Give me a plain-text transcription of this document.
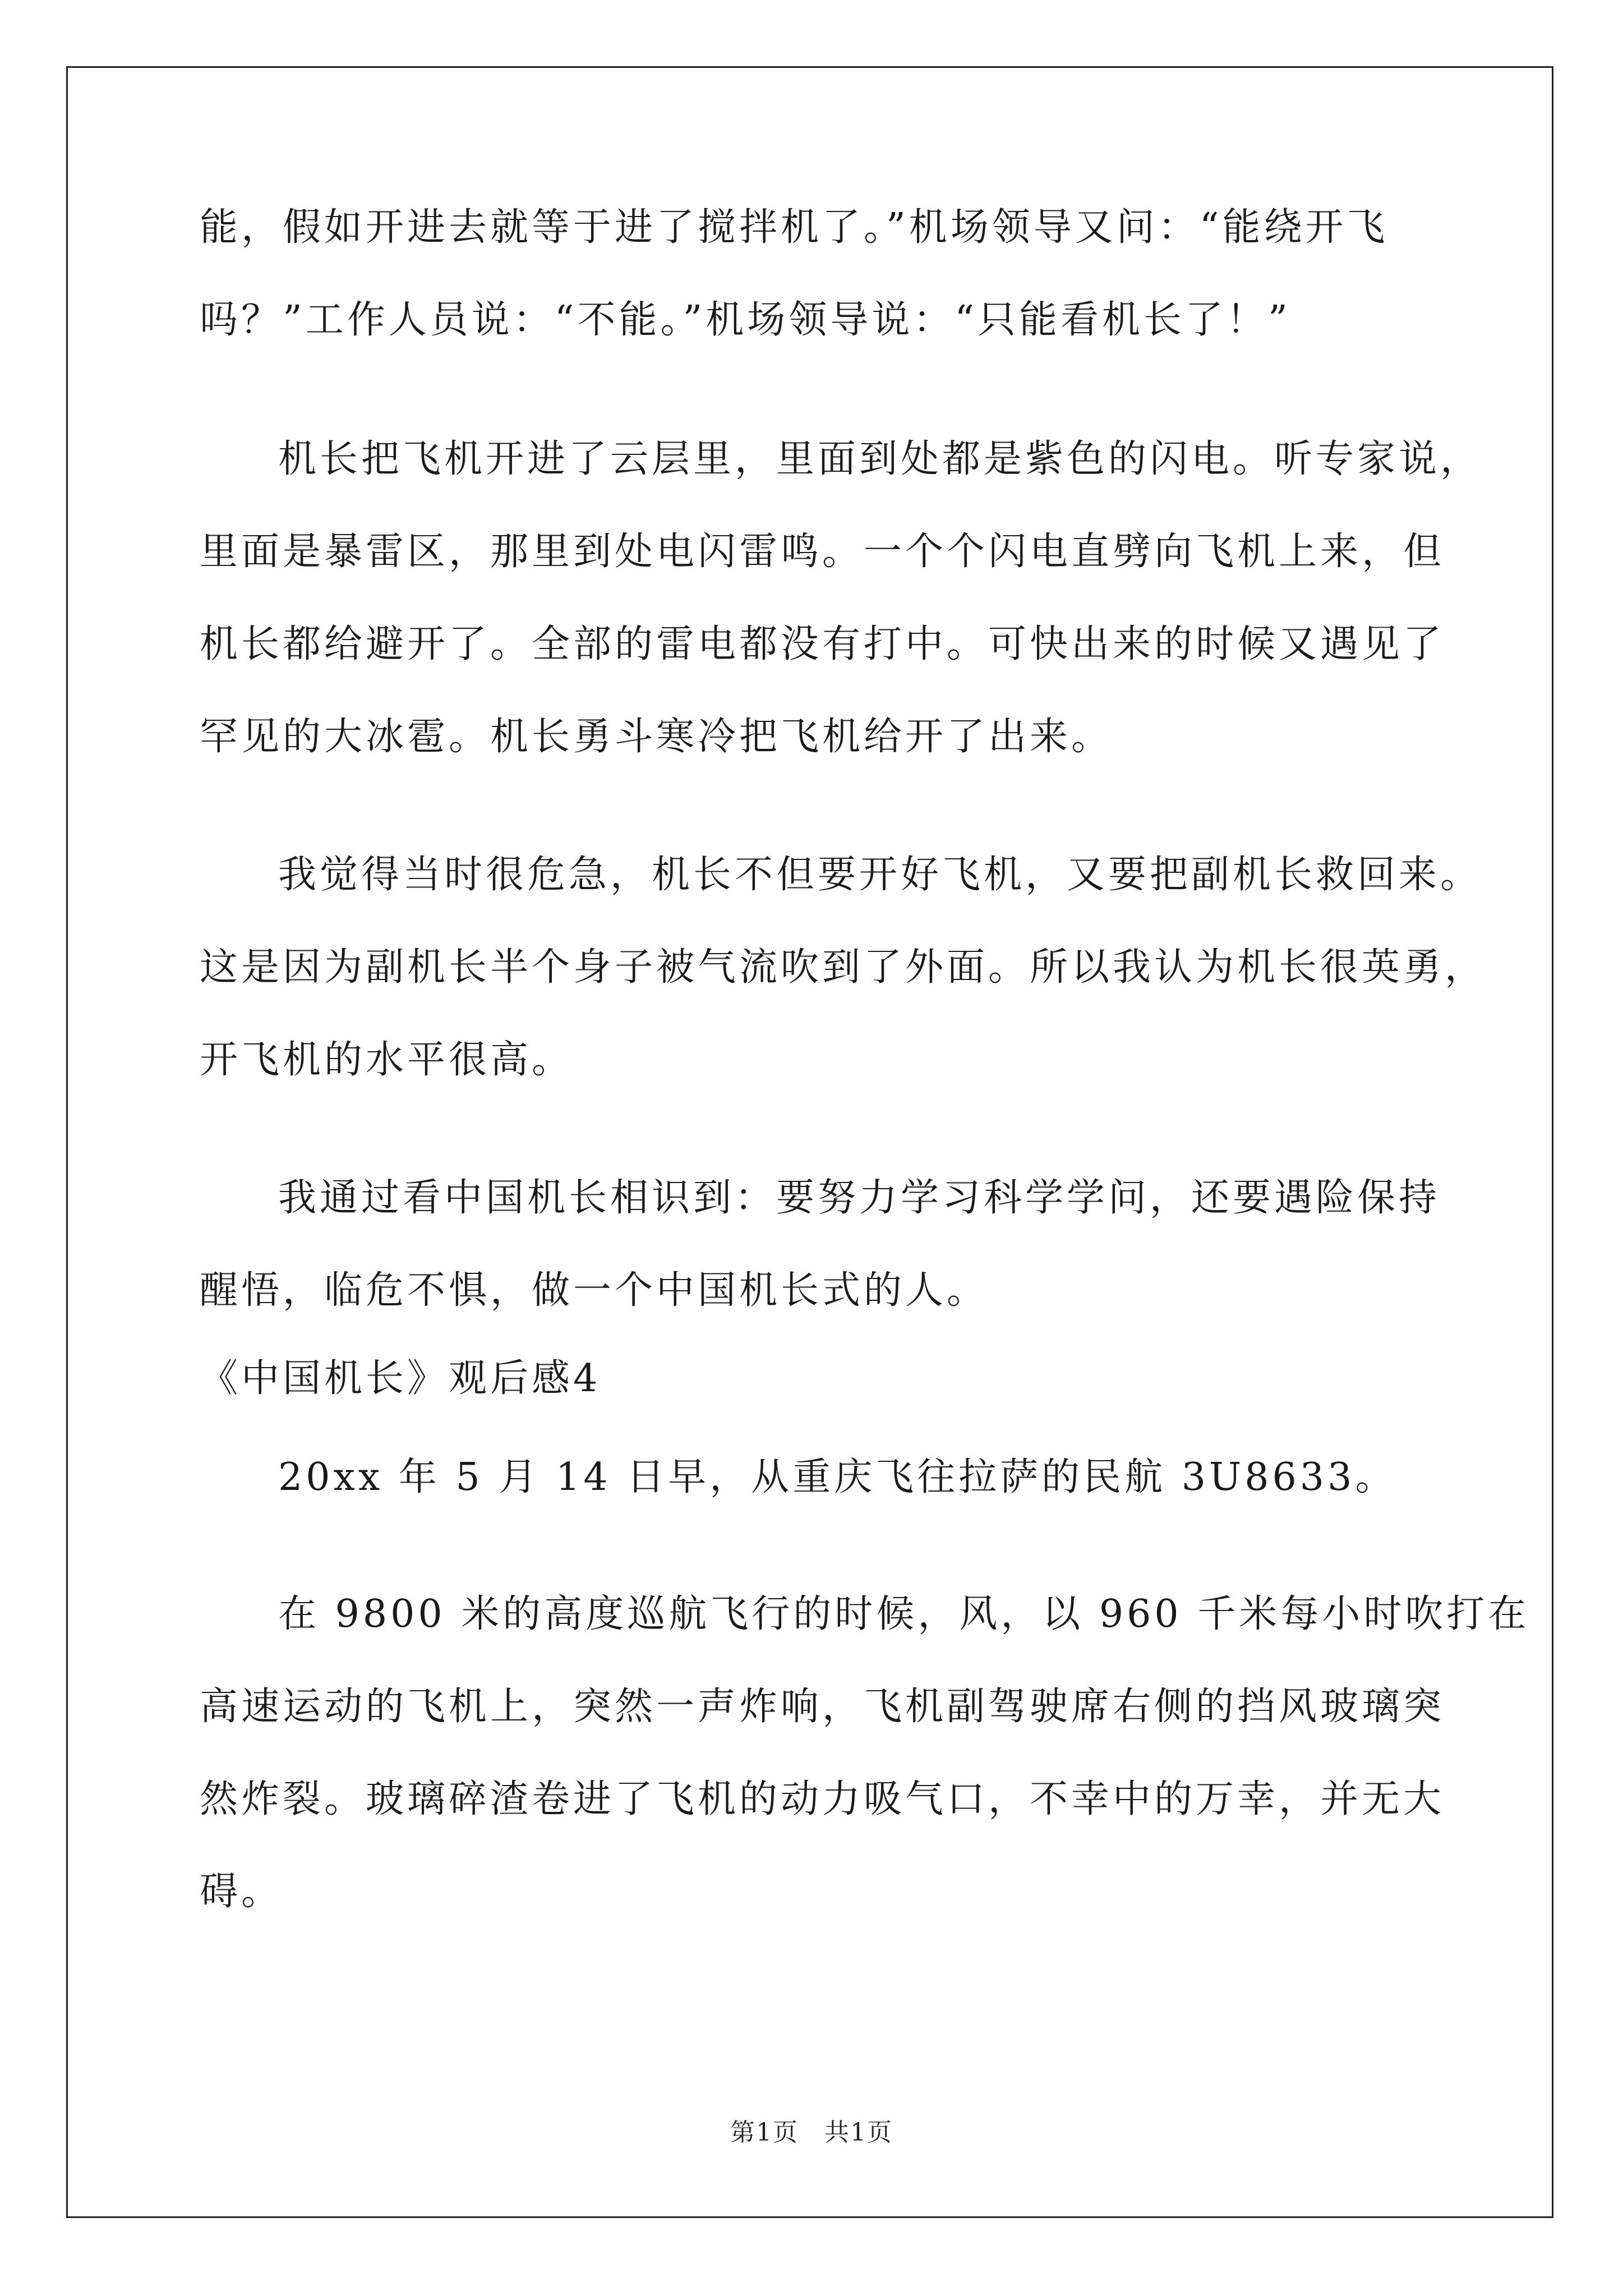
能，假如开进去就等于进了搅拌机了。”机场领导又问：“能绕开飞
吗？”工作人员说：“不能。”机场领导说：“只能看机长了！”
机长把飞机开进了云层里，里面到处都是紫色的闪电。听专家说，
里面是暴雷区，那里到处电闪雷鸣。一个个闪电直劈向飞机上来，但
机长都给避开了。全部的雷电都没有打中。可快出来的时候又遇见了
罕见的大冰雹。机长勇斗寒冷把飞机给开了出来。
我觉得当时很危急，机长不但要开好飞机，又要把副机长救回来。
这是因为副机长半个身子被气流吹到了外面。所以我认为机长很英勇，
开飞机的水平很高。
我通过看中国机长相识到：要努力学习科学学问，还要遇险保持
醒悟，临危不惧，做一个中国机长式的人。
《中国机长》观后感4
20xx 年 5 月 14 日早，从重庆飞往拉萨的民航 3U8633。
在 9800 米的高度巡航飞行的时候，风，以 960 千米每小时吹打在
高速运动的飞机上，突然一声炸响，飞机副驾驶席右侧的挡风玻璃突
然炸裂。玻璃碎渣卷进了飞机的动力吸气口，不幸中的万幸，并无大
碍。
第1页　共1页
